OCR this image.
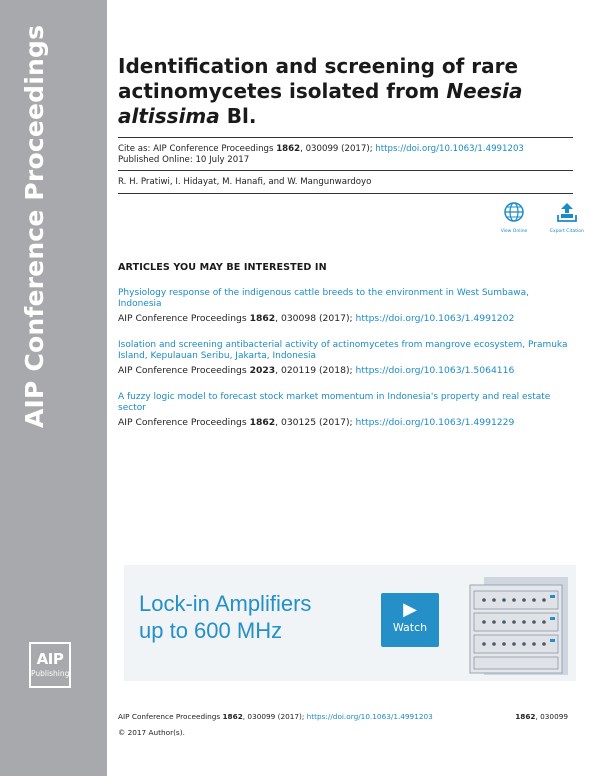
AIP Conference Proceedings
AIP
Publishing
Identification and screening of rare actinomycetes isolated from Neesia altissima Bl.
Cite as: AIP Conference Proceedings 1862, 030099 (2017); https://doi.org/10.1063/1.4991203
Published Online: 10 July 2017
R. H. Pratiwi, I. Hidayat, M. Hanafi, and W. Mangunwardoyo
View Online	Export Citation
ARTICLES YOU MAY BE INTERESTED IN
Physiology response of the indigenous cattle breeds to the environment in West Sumbawa, Indonesia
AIP Conference Proceedings 1862, 030098 (2017); https://doi.org/10.1063/1.4991202
Isolation and screening antibacterial activity of actinomycetes from mangrove ecosystem, Pramuka Island, Kepulauan Seribu, Jakarta, Indonesia
AIP Conference Proceedings 2023, 020119 (2018); https://doi.org/10.1063/1.5064116
A fuzzy logic model to forecast stock market momentum in Indonesia's property and real estate sector
AIP Conference Proceedings 1862, 030125 (2017); https://doi.org/10.1063/1.4991229
Lock-in Amplifiers
up to 600 MHz
▶
Watch
AIP Conference Proceedings 1862, 030099 (2017); https://doi.org/10.1063/1.4991203	1862, 030099
© 2017 Author(s).
